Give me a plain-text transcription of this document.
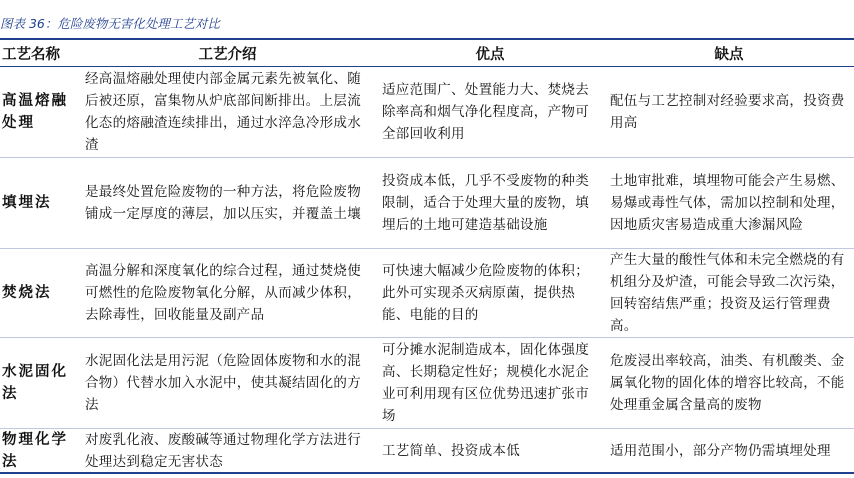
图表 36：危险废物无害化处理工艺对比
工艺名称	工艺介绍	优点	缺点
高温熔融处理	经高温熔融处理使内部金属元素先被氧化、随后被还原，富集物从炉底部间断排出。上层流化态的熔融渣连续排出，通过水淬急冷形成水渣	适应范围广、处置能力大、焚烧去除率高和烟气净化程度高，产物可全部回收利用	配伍与工艺控制对经验要求高，投资费用高
填埋法	是最终处置危险废物的一种方法，将危险废物铺成一定厚度的薄层，加以压实，并覆盖土壤	投资成本低，几乎不受废物的种类限制，适合于处理大量的废物，填埋后的土地可建造基础设施	土地审批难，填埋物可能会产生易燃、易爆或毒性气体，需加以控制和处理，因地质灾害易造成重大渗漏风险
焚烧法	高温分解和深度氧化的综合过程，通过焚烧使可燃性的危险废物氧化分解，从而减少体积，去除毒性，回收能量及副产品	可快速大幅减少危险废物的体积；此外可实现杀灭病原菌，提供热能、电能的目的	产生大量的酸性气体和未完全燃烧的有机组分及炉渣，可能会导致二次污染，回转窑结焦严重；投资及运行管理费高。
水泥固化法	水泥固化法是用污泥（危险固体废物和水的混合物）代替水加入水泥中，使其凝结固化的方法	可分摊水泥制造成本，固化体强度高、长期稳定性好；规模化水泥企业可利用现有区位优势迅速扩张市场	危废浸出率较高，油类、有机酸类、金属氧化物的固化体的增容比较高，不能处理重金属含量高的废物
物理化学法	对废乳化液、废酸碱等通过物理化学方法进行处理达到稳定无害状态	工艺简单、投资成本低	适用范围小，部分产物仍需填埋处理
